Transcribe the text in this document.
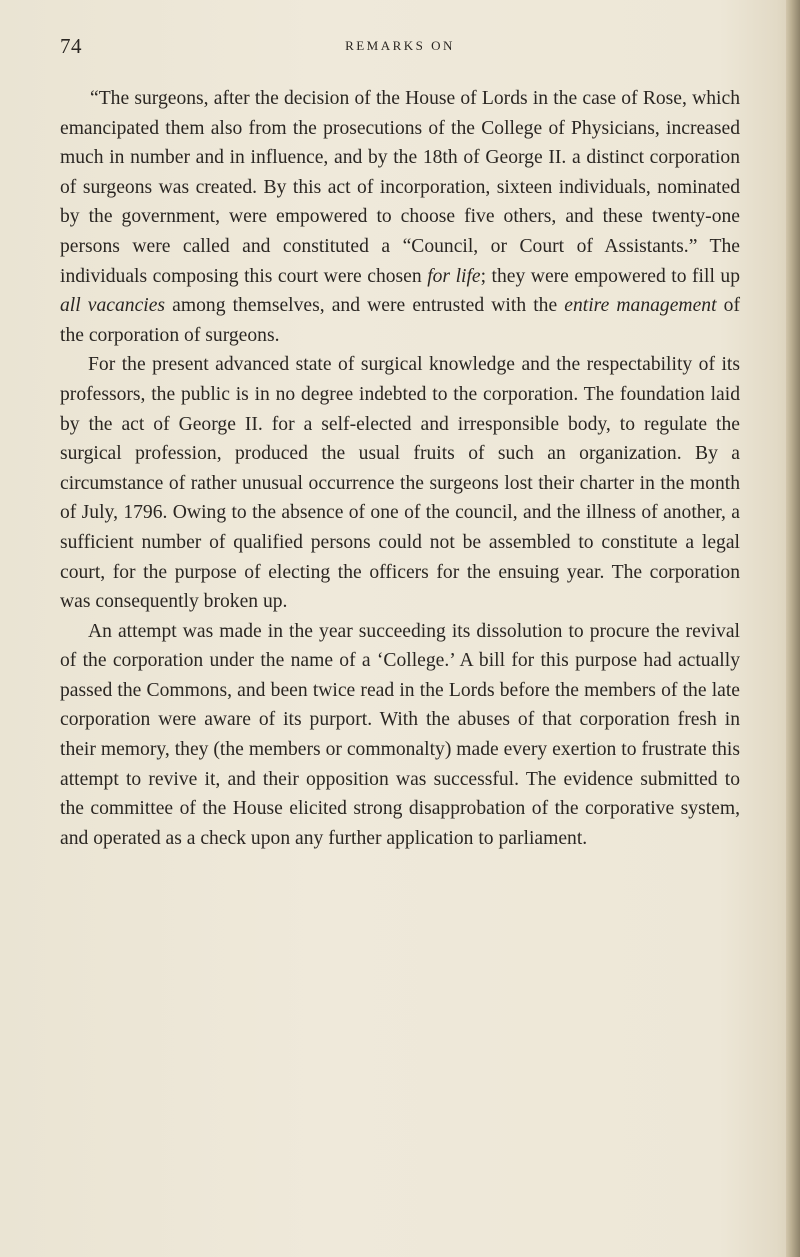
74	REMARKS ON

“The surgeons, after the decision of the House of Lords in the case of Rose, which emancipated them also from the prosecutions of the College of Physicians, increased much in number and in influence, and by the 18th of George II. a distinct corporation of surgeons was created. By this act of incorporation, sixteen individuals, nominated by the government, were empowered to choose five others, and these twenty-one persons were called and constituted a “Council, or Court of Assistants.” The individuals composing this court were chosen for life; they were empowered to fill up all vacancies among themselves, and were entrusted with the entire management of the corporation of surgeons.

For the present advanced state of surgical knowledge and the respectability of its professors, the public is in no degree indebted to the corporation. The foundation laid by the act of George II. for a self-elected and irresponsible body, to regulate the surgical profession, produced the usual fruits of such an organization. By a circumstance of rather unusual occurrence the surgeons lost their charter in the month of July, 1796. Owing to the absence of one of the council, and the illness of another, a sufficient number of qualified persons could not be assembled to constitute a legal court, for the purpose of electing the officers for the ensuing year. The corporation was consequently broken up.

An attempt was made in the year succeeding its dissolution to procure the revival of the corporation under the name of a ‘College.’ A bill for this purpose had actually passed the Commons, and been twice read in the Lords before the members of the late corporation were aware of its purport. With the abuses of that corporation fresh in their memory, they (the members or commonalty) made every exertion to frustrate this attempt to revive it, and their opposition was successful. The evidence submitted to the committee of the House elicited strong disapprobation of the corporative system, and operated as a check upon any further application to parliament.
